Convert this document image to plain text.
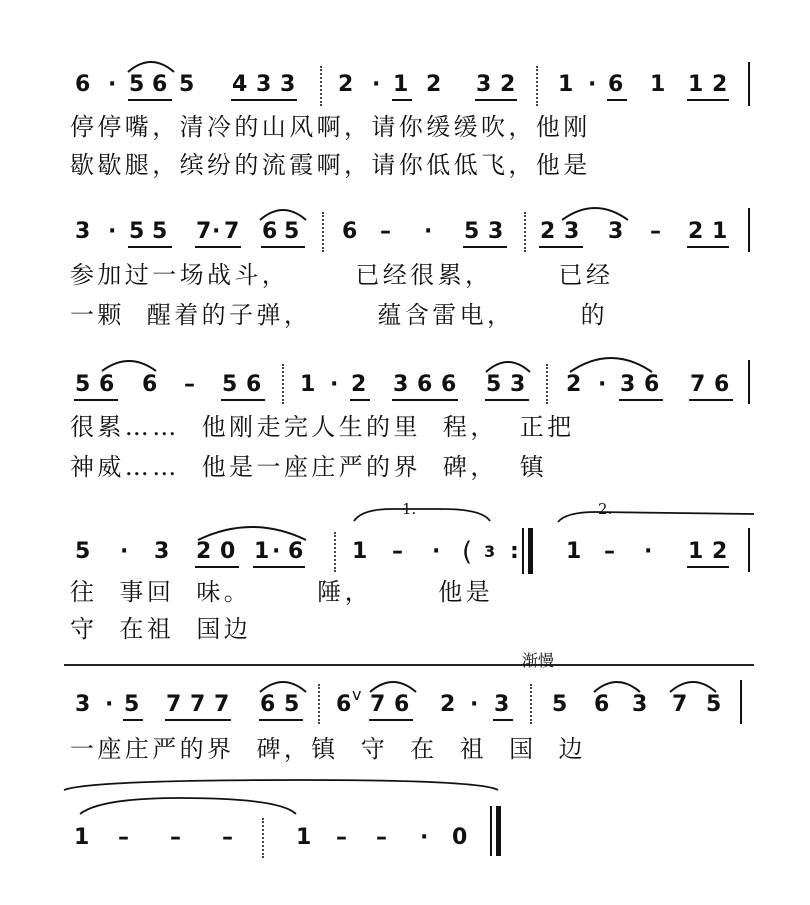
6 · 5 6 5 4 3 3 2 · 1 2 3 2 1 · 6 1 1 2
停停嘴，清冷的山风啊，请你缓缓吹，他刚
歇歇腿，缤纷的流霞啊，请你低低飞，他是
3 · 5 5 7 · 7 6 5 6 – · 5 3 2 3 3 – 2 1
参加过一场战斗，      已经很累，      已经
一颗  醒着的子弹，      蕴含雷电，      的
5 6 6 – 5 6 1 · 2 3 6 6 5 3 2 · 3 6 7 6
很累……  他刚走完人生的里  程，  正把
神威……  他是一座庄严的界  碑，  镇
1.	2.
5 · 3 2 0 1 · 6 1 – · ( 3 : 1 – · 1 2
往  事回  味。      陲，      他是
守  在祖  国边
渐慢
3 · 5 7 7 7 6 5 6 v 7 6 2 · 3 5 6 3 7 5
一座庄严的界  碑，镇  守  在  祖  国  边
1 – – –	1 – – · 0
